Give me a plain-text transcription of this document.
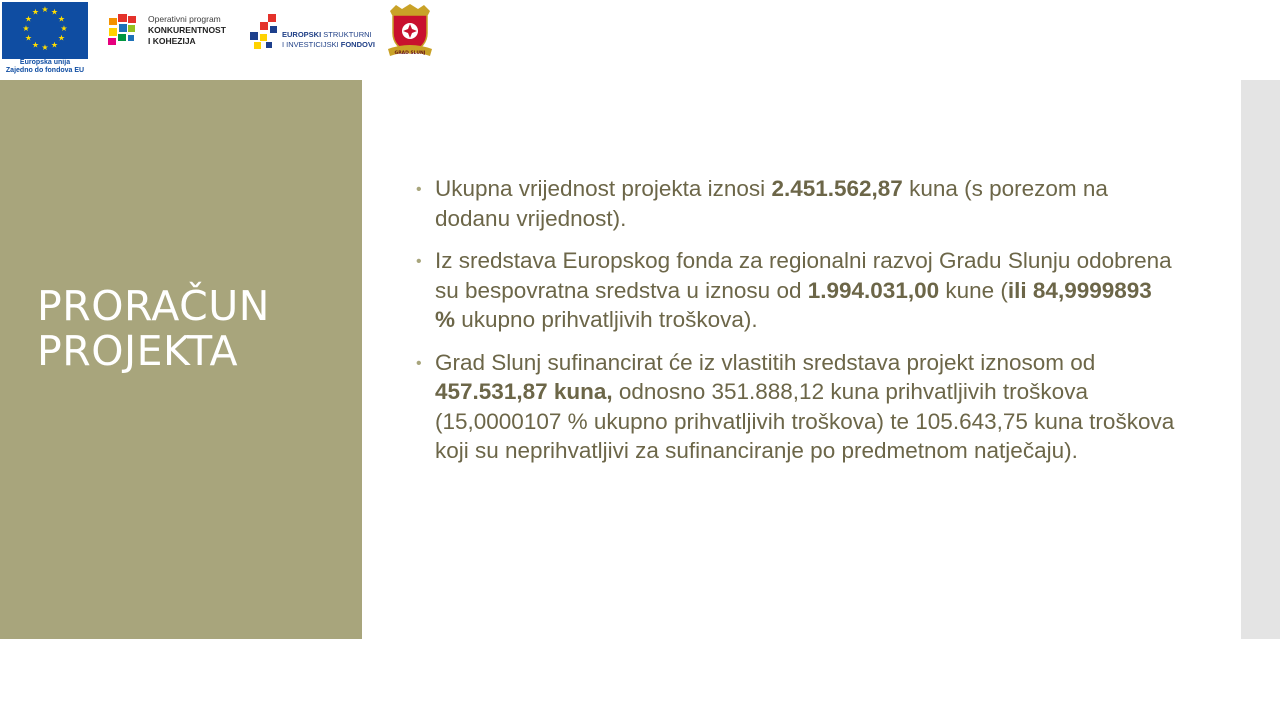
★ ★
★
★
★
★
★
★
★
★
★
★
Europska unija
Zajedno do fondova EU
Operativni program
KONKURENTNOST
I KOHEZIJA
EUROPSKI STRUKTURNI
I INVESTICIJSKI FONDOVI
GRAD SLUNJ
PRORAČUN
PROJEKTA
• Ukupna vrijednost projekta iznosi 2.451.562,87 kuna (s porezom na dodanu vrijednost).
• Iz sredstava Europskog fonda za regionalni razvoj Gradu Slunju odobrena su bespovratna sredstva u iznosu od 1.994.031,00 kune (ili 84,9999893 % ukupno prihvatljivih troškova).
• Grad Slunj sufinancirat će iz vlastitih sredstava projekt iznosom od 457.531,87 kuna, odnosno 351.888,12 kuna prihvatljivih troškova (15,0000107 % ukupno prihvatljivih troškova) te 105.643,75 kuna troškova koji su neprihvatljivi za sufinanciranje po predmetnom natječaju).
